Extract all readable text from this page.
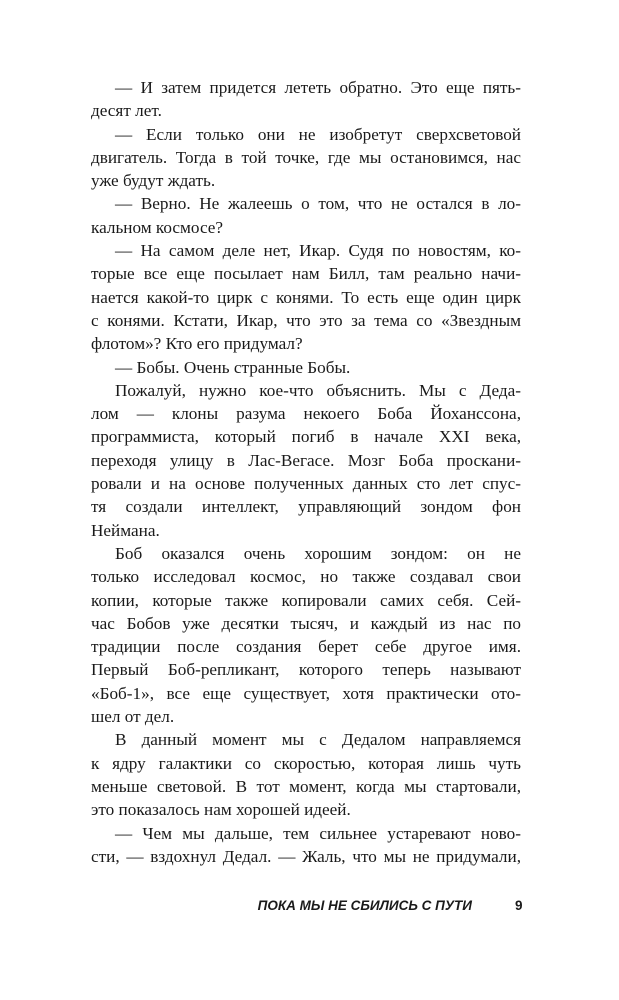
— И затем придется лететь обратно. Это еще пять-
десят лет.
— Если только они не изобретут сверхсветовой
двигатель. Тогда в той точке, где мы остановимся, нас
уже будут ждать.
— Верно. Не жалеешь о том, что не остался в ло-
кальном космосе?
— На самом деле нет, Икар. Судя по новостям, ко-
торые все еще посылает нам Билл, там реально начи-
нается какой-то цирк с конями. То есть еще один цирк
с конями. Кстати, Икар, что это за тема со «Звездным
флотом»? Кто его придумал?
— Бобы. Очень странные Бобы.
Пожалуй, нужно кое-что объяснить. Мы с Дедa-
лом — клоны разума некоего Боба Йоханссона,
программиста, который погиб в начале XXI века,
переходя улицу в Лас-Вегасе. Мозг Боба проскани-
ровали и на основе полученных данных сто лет спус-
тя создали интеллект, управляющий зондом фон
Неймана.
Боб оказался очень хорошим зондом: он не
только исследовал космос, но также создавал свои
копии, которые также копировали самих себя. Сей-
час Бобов уже десятки тысяч, и каждый из нас по
традиции после создания берет себе другое имя.
Первый Боб-репликант, которого теперь называют
«Боб-1», все еще существует, хотя практически ото-
шел от дел.
В данный момент мы с Дедалом направляемся
к ядру галактики со скоростью, которая лишь чуть
меньше световой. В тот момент, когда мы стартовали,
это показалось нам хорошей идеей.
— Чем мы дальше, тем сильнее устаревают ново-
сти, — вздохнул Дедал. — Жаль, что мы не придумали,
ПОКА МЫ НЕ СБИЛИСЬ С ПУТИ	9
